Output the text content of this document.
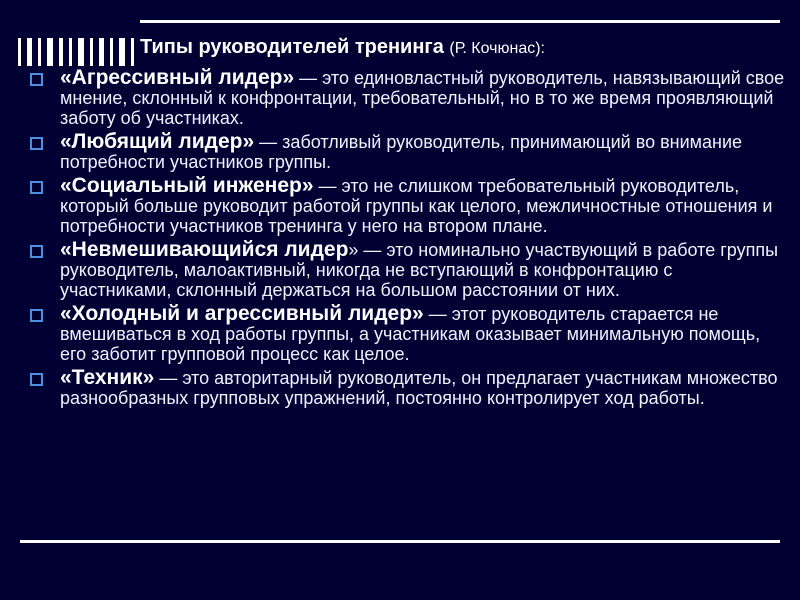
Типы руководителей тренинга (Р. Кочюнас):
«Агрессивный лидер» — это единовластный руководитель, навязывающий свое мнение, склонный к конфронтации, требовательный, но в то же время проявляющий заботу об участниках.
«Любящий лидер» — заботливый руководитель, принимающий во внимание потребности участников группы.
«Социальный инженер» — это не слишком требовательный руководитель, который больше руководит работой группы как целого, межличностные отношения и потребности участников тренинга у него на втором плане.
«Невмешивающийся лидер» — это номинально участвующий в работе группы руководитель, малоактивный, никогда не вступающий в конфронтацию с участниками, склонный держаться на большом расстоянии от них.
«Холодный и агрессивный лидер» — этот руководитель старается не вмешиваться в ход работы группы, а участникам оказывает минимальную помощь, его заботит групповой процесс как целое.
«Техник» — это авторитарный руководитель, он предлагает участникам множество разнообразных групповых упражнений, постоянно контролирует ход работы.
